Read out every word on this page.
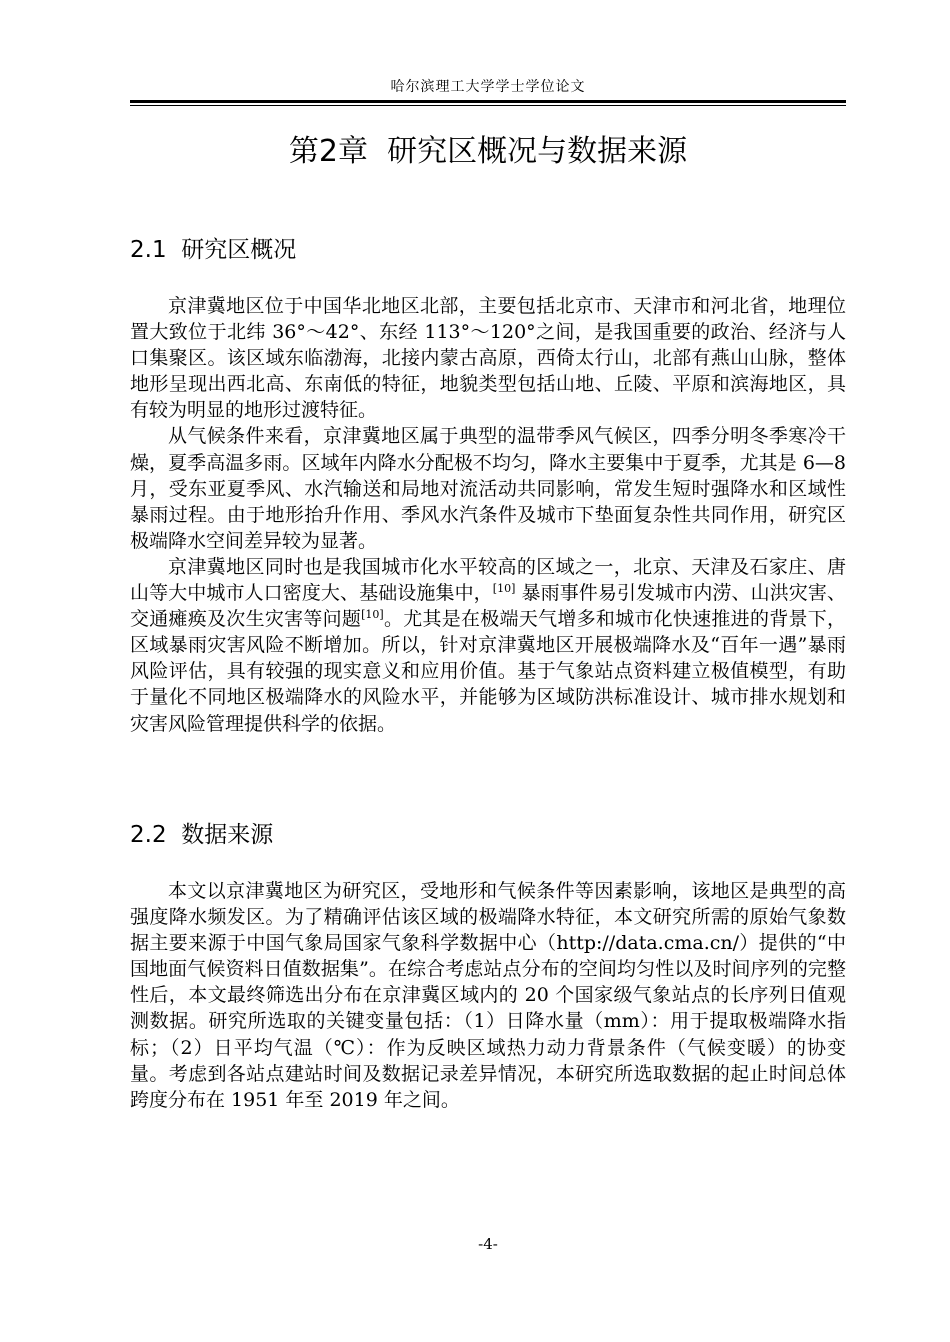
哈尔滨理工大学学士学位论文
第2章  研究区概况与数据来源
2.1  研究区概况

京津冀地区位于中国华北地区北部，主要包括北京市、天津市和河北省，地理位置大致位于北纬 36°～42°、东经 113°～120°之间，是我国重要的政治、经济与人口集聚区。该区域东临渤海，北接内蒙古高原，西倚太行山，北部有燕山山脉，整体地形呈现出西北高、东南低的特征，地貌类型包括山地、丘陵、平原和滨海地区，具有较为明显的地形过渡特征。

从气候条件来看，京津冀地区属于典型的温带季风气候区，四季分明冬季寒冷干燥，夏季高温多雨。区域年内降水分配极不均匀，降水主要集中于夏季，尤其是 6—8 月，受东亚夏季风、水汽输送和局地对流活动共同影响，常发生短时强降水和区域性暴雨过程。由于地形抬升作用、季风水汽条件及城市下垫面复杂性共同作用，研究区极端降水空间差异较为显著。

京津冀地区同时也是我国城市化水平较高的区域之一，北京、天津及石家庄、唐山等大中城市人口密度大、基础设施集中，[10] 暴雨事件易引发城市内涝、山洪灾害、交通瘫痪及次生灾害等问题[10]。尤其是在极端天气增多和城市化快速推进的背景下，区域暴雨灾害风险不断增加。所以，针对京津冀地区开展极端降水及“百年一遇”暴雨风险评估，具有较强的现实意义和应用价值。基于气象站点资料建立极值模型，有助于量化不同地区极端降水的风险水平，并能够为区域防洪标准设计、城市排水规划和灾害风险管理提供科学的依据。

2.2  数据来源

本文以京津冀地区为研究区，受地形和气候条件等因素影响，该地区是典型的高强度降水频发区。为了精确评估该区域的极端降水特征，本文研究所需的原始气象数据主要来源于中国气象局国家气象科学数据中心（http://data.cma.cn/）提供的“中国地面气候资料日值数据集”。在综合考虑站点分布的空间均匀性以及时间序列的完整性后，本文最终筛选出分布在京津冀区域内的 20 个国家级气象站点的长序列日值观测数据。研究所选取的关键变量包括：（1）日降水量（mm）：用于提取极端降水指标；（2）日平均气温（℃）：作为反映区域热力动力背景条件（气候变暖）的协变量。考虑到各站点建站时间及数据记录差异情况，本研究所选取数据的起止时间总体跨度分布在 1951 年至 2019 年之间。

-4-
